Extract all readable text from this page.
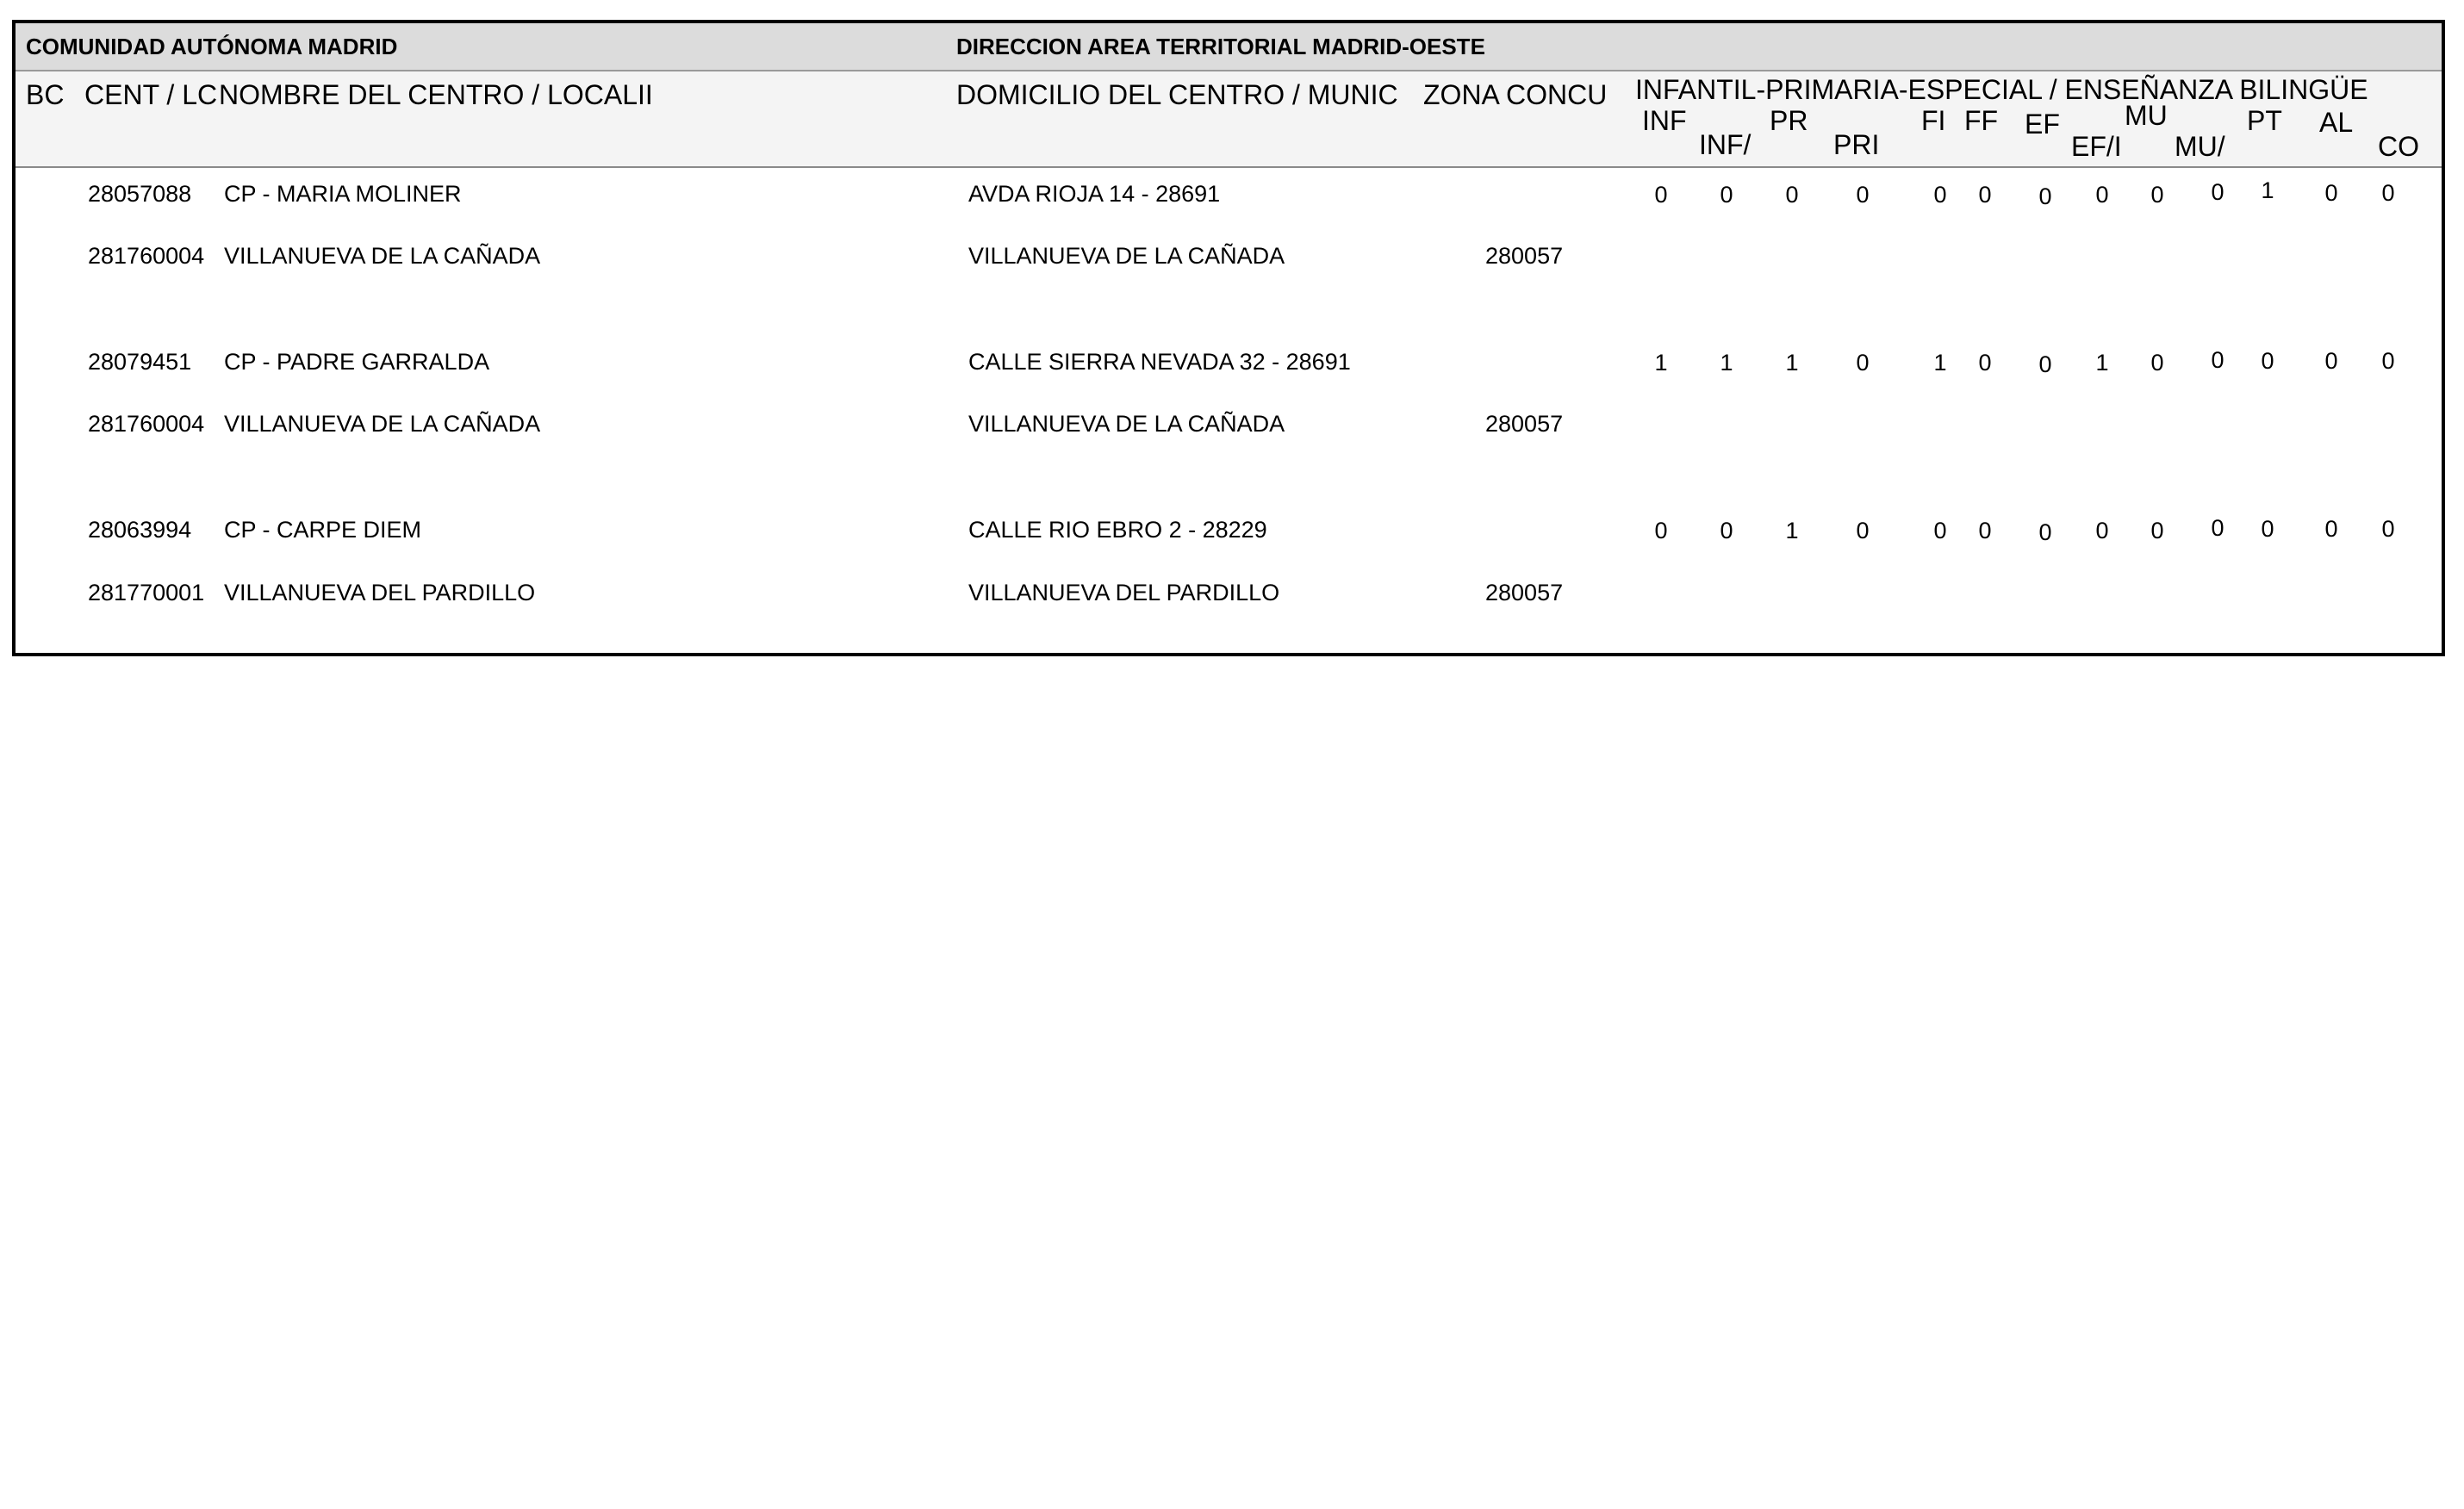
COMUNIDAD AUTÓNOMA MADRID	DIRECCION AREA TERRITORIAL MADRID-OESTE
BC CENT / LC NOMBRE DEL CENTRO / LOCALII	DOMICILIO DEL CENTRO / MUNIC ZONA CONCU INFANTIL-PRIMARIA-ESPECIAL / ENSEÑANZA BILINGÜE
INF
INF/
PR
PRI
FI FF EF
EF/I
MU
MU/
PT AL
CO
28057088 CP - MARIA MOLINER	AVDA RIOJA 14 - 28691
281760004 VILLANUEVA DE LA CAÑADA	VILLANUEVA DE LA CAÑADA	280057
0	0	0	0	0	0	0	0	0	0	1	0	0
28079451 CP - PADRE GARRALDA	CALLE SIERRA NEVADA 32 - 28691
281760004 VILLANUEVA DE LA CAÑADA	VILLANUEVA DE LA CAÑADA	280057
1	1	1	0	1	0	0	1	0	0	0	0	0
28063994 CP - CARPE DIEM	CALLE RIO EBRO 2 - 28229
281770001 VILLANUEVA DEL PARDILLO	VILLANUEVA DEL PARDILLO	280057
0	0	1	0	0	0	0	0	0	0	0	0	0
